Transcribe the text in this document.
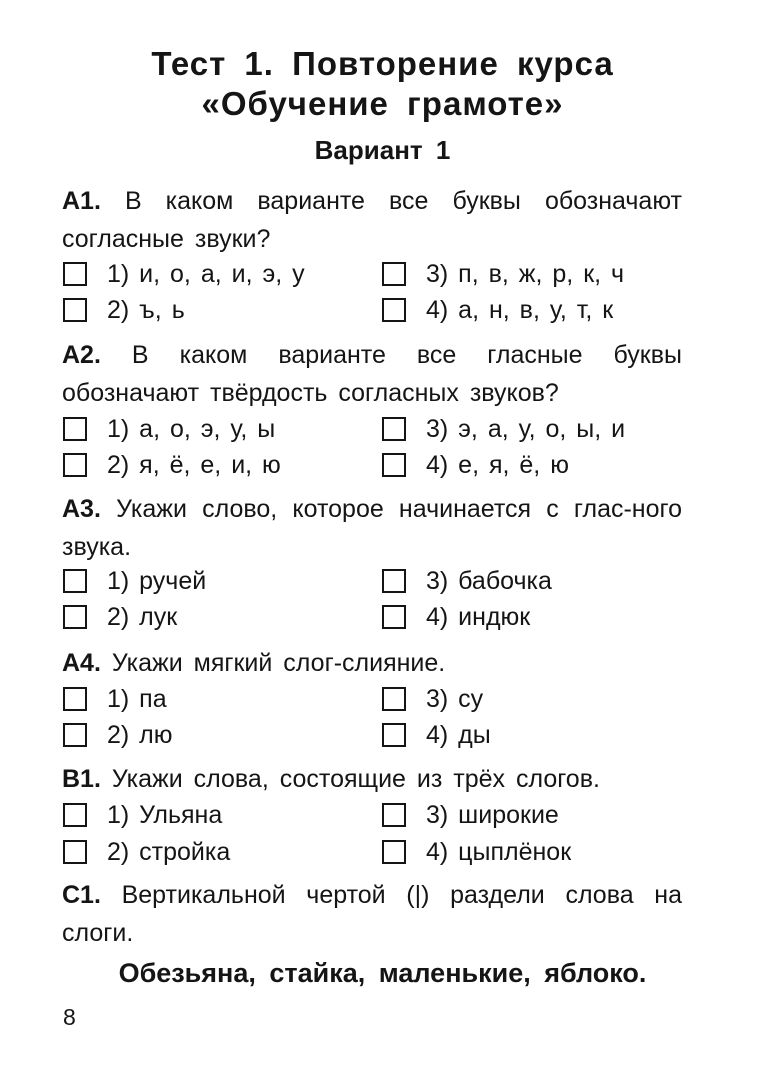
Тест 1. Повторение курса
«Обучение грамоте»
Вариант 1
A1. В каком варианте все буквы обозначают согласные звуки?
1) и, о, а, и, э, у
2) ъ, ь
3) п, в, ж, р, к, ч
4) а, н, в, у, т, к
A2. В каком варианте все гласные буквы обозначают твёрдость согласных звуков?
1) а, о, э, у, ы
2) я, ё, е, и, ю
3) э, а, у, о, ы, и
4) е, я, ё, ю
A3. Укажи слово, которое начинается с глас-ного звука.
1) ручей
2) лук
3) бабочка
4) индюк
A4. Укажи мягкий слог-слияние.
1) па
2) лю
3) су
4) ды
B1. Укажи слова, состоящие из трёх слогов.
1) Ульяна
2) стройка
3) широкие
4) цыплёнок
C1. Вертикальной чертой (|) раздели слова на слоги.
Обезьяна, стайка, маленькие, яблоко.
8
